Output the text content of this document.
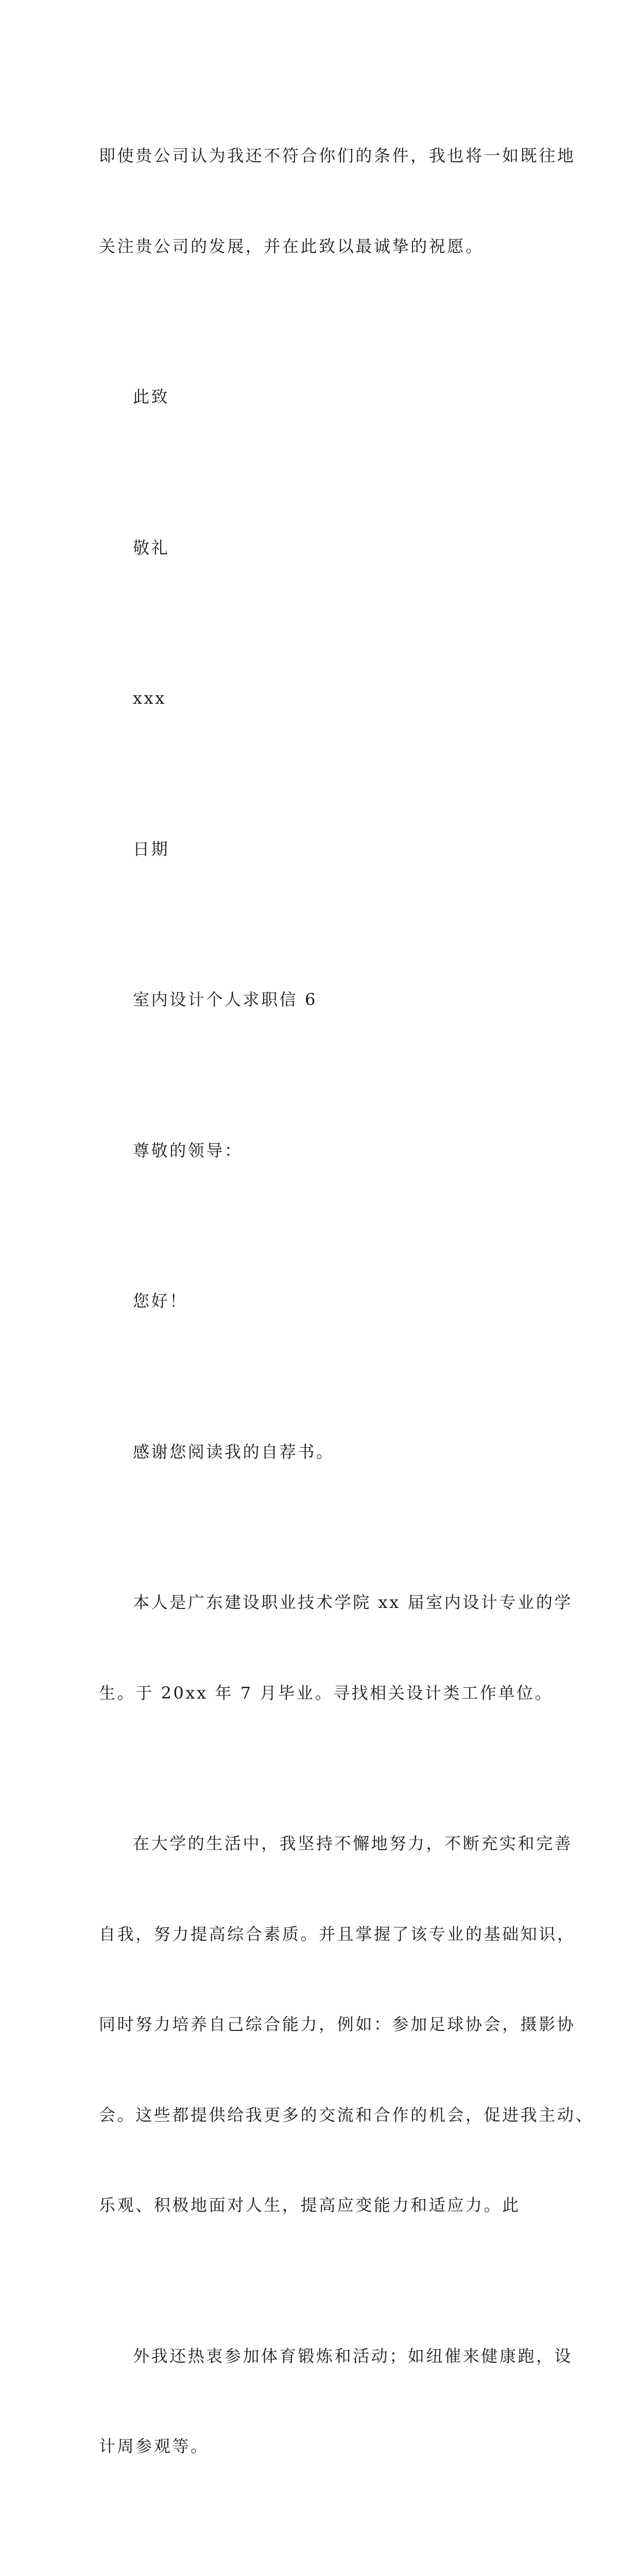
即使贵公司认为我还不符合你们的条件，我也将一如既往地

关注贵公司的发展，并在此致以最诚挚的祝愿。

此致

敬礼

xxx

日期

室内设计个人求职信 6

尊敬的领导：

您好！

感谢您阅读我的自荐书。

本人是广东建设职业技术学院 xx 届室内设计专业的学

生。于 20xx 年 7 月毕业。寻找相关设计类工作单位。

在大学的生活中，我坚持不懈地努力，不断充实和完善

自我，努力提高综合素质。并且掌握了该专业的基础知识，

同时努力培养自己综合能力，例如：参加足球协会，摄影协

会。这些都提供给我更多的交流和合作的机会，促进我主动、

乐观、积极地面对人生，提高应变能力和适应力。此

外我还热衷参加体育锻炼和活动；如纽催来健康跑，设

计周参观等。
